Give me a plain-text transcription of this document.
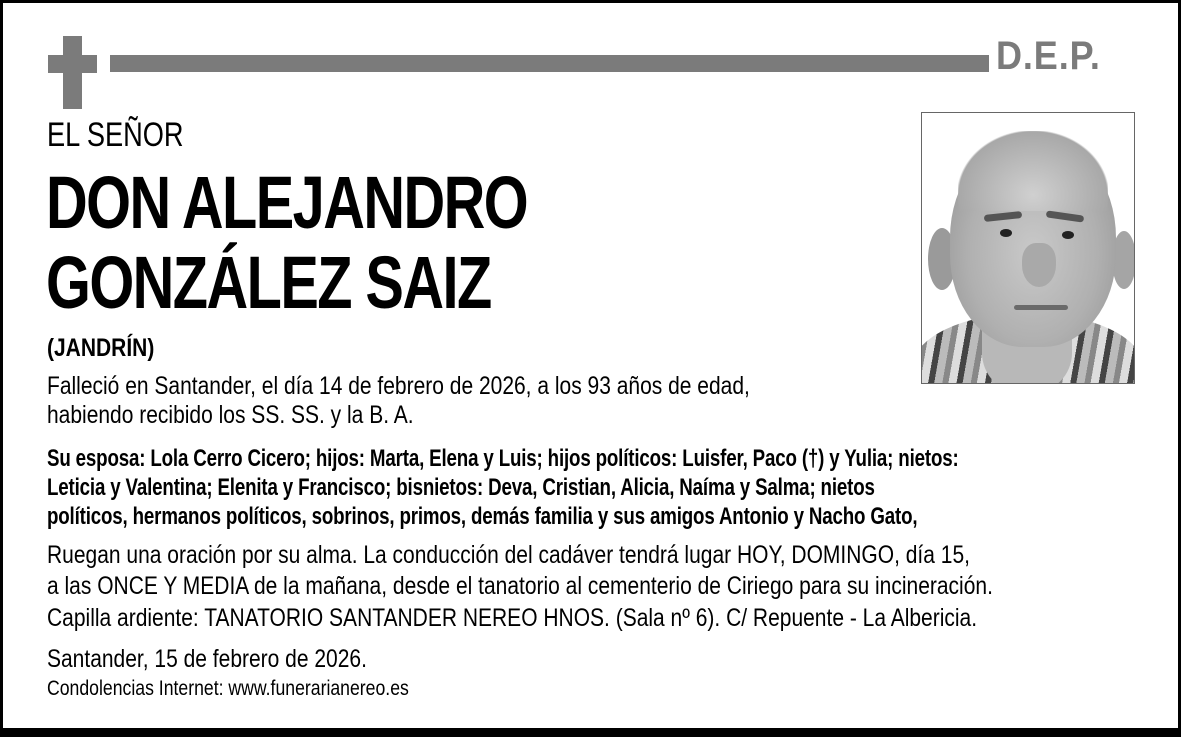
D.E.P.
EL SEÑOR
DON ALEJANDRO
GONZÁLEZ SAIZ
(JANDRÍN)
Falleció en Santander, el día 14 de febrero de 2026, a los 93 años de edad,
habiendo recibido los SS. SS. y la B. A.
Su esposa: Lola Cerro Cicero; hijos: Marta, Elena y Luis; hijos políticos: Luisfer, Paco (†) y Yulia; nietos:
Leticia y Valentina; Elenita y Francisco; bisnietos: Deva, Cristian, Alicia, Naíma y Salma; nietos
políticos, hermanos políticos, sobrinos, primos, demás familia y sus amigos Antonio y Nacho Gato,
Ruegan una oración por su alma. La conducción del cadáver tendrá lugar HOY, DOMINGO, día 15,
a las ONCE Y MEDIA de la mañana, desde el tanatorio al cementerio de Ciriego para su incineración.
Capilla ardiente: TANATORIO SANTANDER NEREO HNOS. (Sala nº 6). C/ Repuente - La Albericia.
Santander, 15 de febrero de 2026.
Condolencias Internet: www.funerarianereo.es
